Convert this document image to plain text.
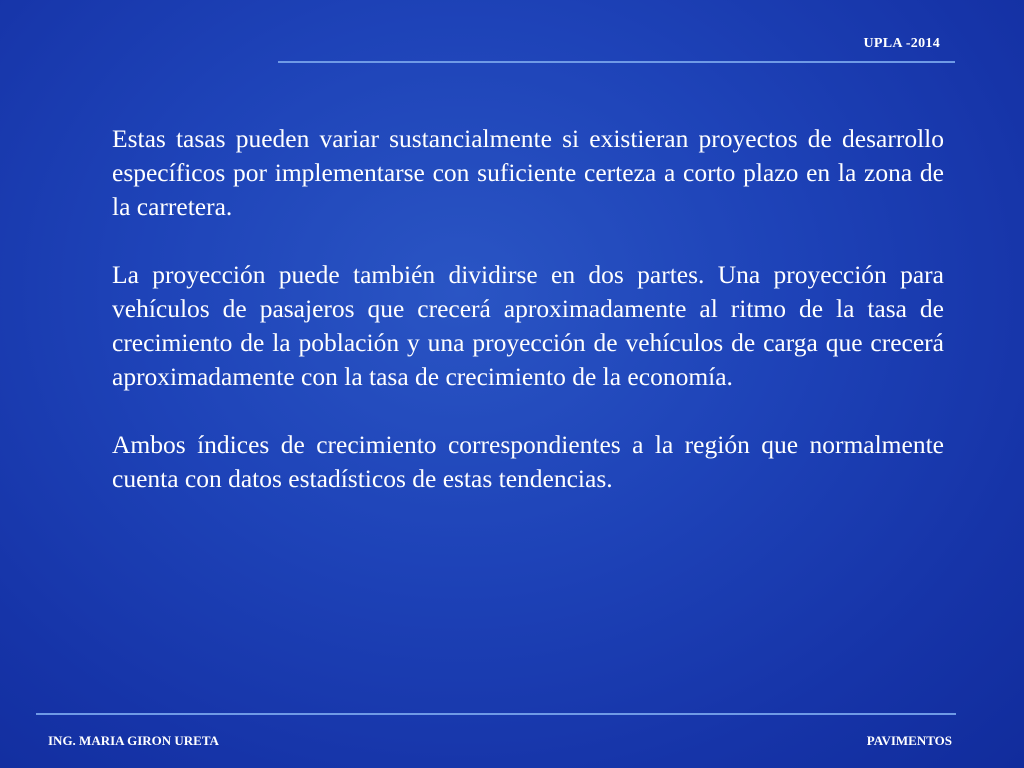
UPLA -2014

Estas tasas pueden variar sustancialmente si existieran proyectos de desarrollo específicos por implementarse con suficiente certeza a corto plazo en la zona de la carretera.

La proyección puede también dividirse en dos partes. Una proyección para vehículos de pasajeros que crecerá aproximadamente al ritmo de la tasa de crecimiento de la población y una proyección de vehículos de carga que crecerá aproximadamente con la tasa de crecimiento de la economía.

Ambos índices de crecimiento correspondientes a la región que normalmente cuenta con datos estadísticos de estas tendencias.

ING. MARIA GIRON URETA	PAVIMENTOS
